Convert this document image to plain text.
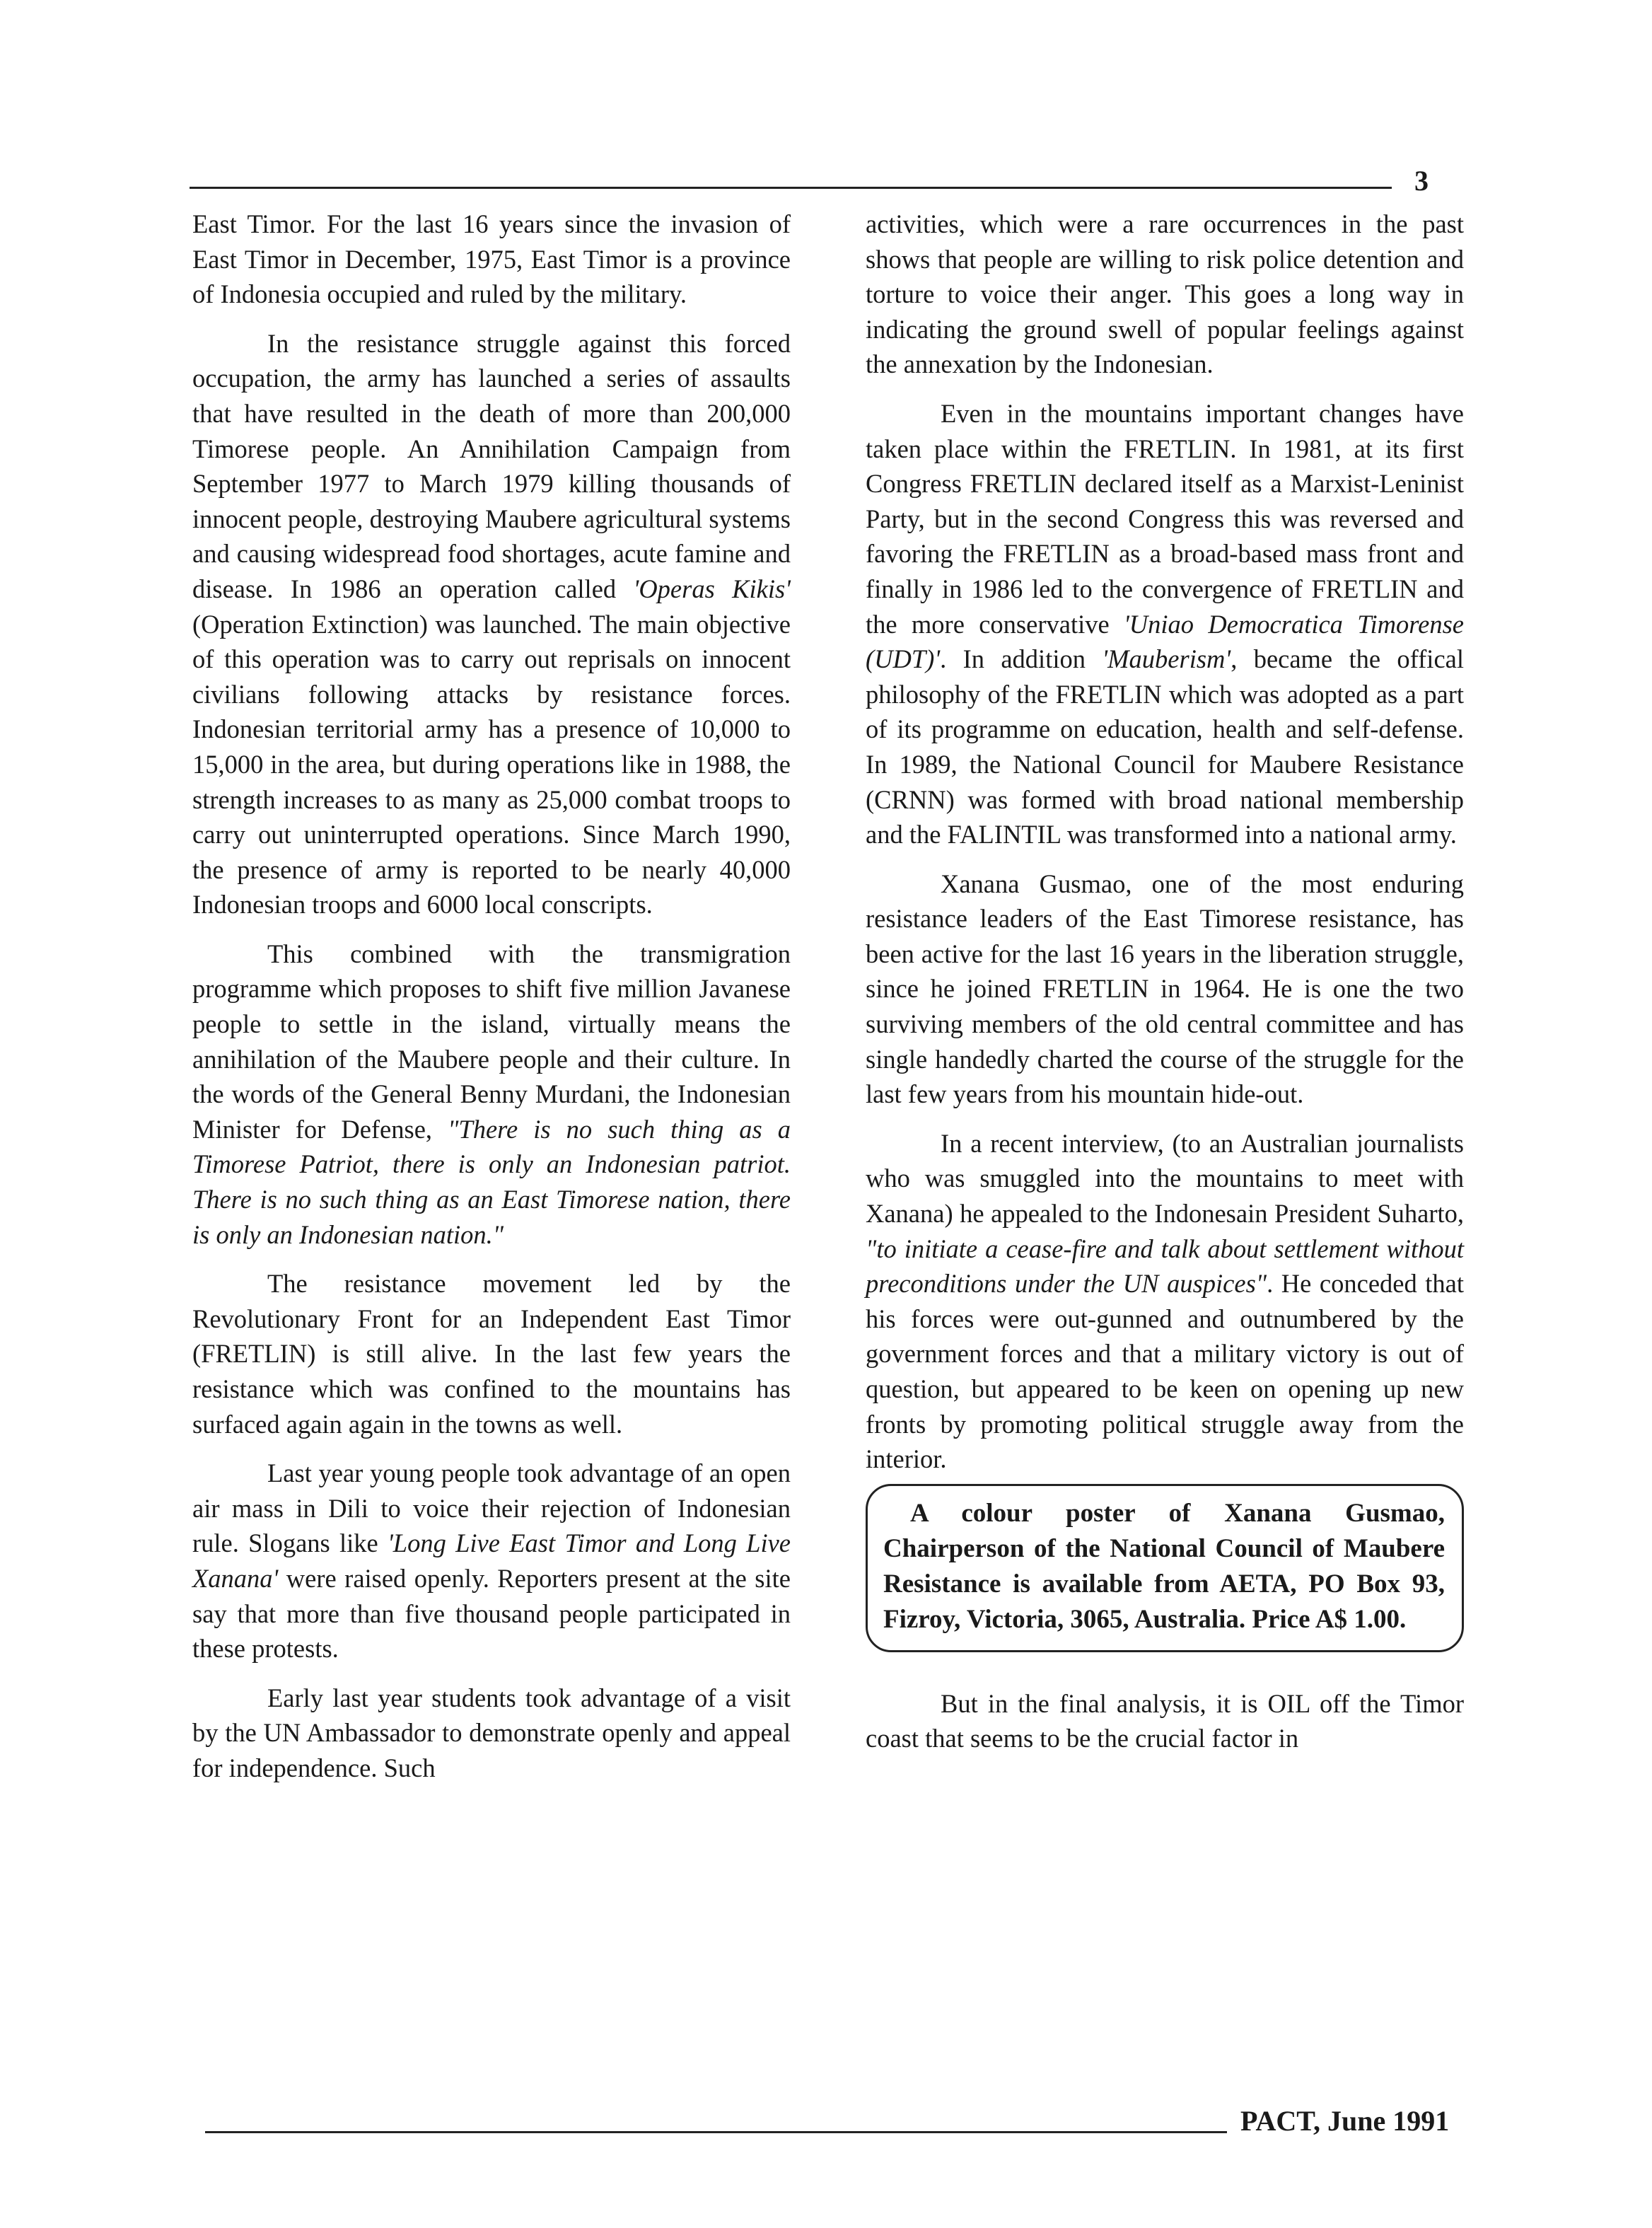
3

East Timor. For the last 16 years since the invasion of East Timor in December, 1975, East Timor is a province of Indonesia occupied and ruled by the military.

In the resistance struggle against this forced occupation, the army has launched a series of assaults that have resulted in the death of more than 200,000 Timorese people. An Annihilation Campaign from September 1977 to March 1979 killing thousands of innocent people, destroying Maubere agricultural systems and causing widespread food shortages, acute famine and disease. In 1986 an operation called 'Operas Kikis' (Operation Extinction) was launched. The main objective of this operation was to carry out reprisals on innocent civilians following attacks by resistance forces. Indonesian territorial army has a presence of 10,000 to 15,000 in the area, but during operations like in 1988, the strength increases to as many as 25,000 combat troops to carry out uninterrupted operations. Since March 1990, the presence of army is reported to be nearly 40,000 Indonesian troops and 6000 local conscripts.

This combined with the transmigration programme which proposes to shift five million Javanese people to settle in the island, virtually means the annihilation of the Maubere people and their culture. In the words of the General Benny Murdani, the Indonesian Minister for Defense, "There is no such thing as a Timorese Patriot, there is only an Indonesian patriot. There is no such thing as an East Timorese nation, there is only an Indonesian nation."

The resistance movement led by the Revolutionary Front for an Independent East Timor (FRETLIN) is still alive. In the last few years the resistance which was confined to the mountains has surfaced again again in the towns as well.

Last year young people took advantage of an open air mass in Dili to voice their rejection of Indonesian rule. Slogans like 'Long Live East Timor and Long Live Xanana' were raised openly. Reporters present at the site say that more than five thousand people participated in these protests.

Early last year students took advantage of a visit by the UN Ambassador to demonstrate openly and appeal for independence. Such

activities, which were a rare occurrences in the past shows that people are willing to risk police detention and torture to voice their anger. This goes a long way in indicating the ground swell of popular feelings against the annexation by the Indonesian.

Even in the mountains important changes have taken place within the FRETLIN. In 1981, at its first Congress FRETLIN declared itself as a Marxist-Leninist Party, but in the second Congress this was reversed and favoring the FRETLIN as a broad-based mass front and finally in 1986 led to the convergence of FRETLIN and the more conservative 'Uniao Democratica Timorense (UDT)'. In addition 'Mauberism', became the offical philosophy of the FRETLIN which was adopted as a part of its programme on education, health and self-defense. In 1989, the National Council for Maubere Resistance (CRNN) was formed with broad national membership and the FALINTIL was transformed into a national army.

Xanana Gusmao, one of the most enduring resistance leaders of the East Timorese resistance, has been active for the last 16 years in the liberation struggle, since he joined FRETLIN in 1964. He is one the two surviving members of the old central committee and has single handedly charted the course of the struggle for the last few years from his mountain hide-out.

In a recent interview, (to an Australian journalists who was smuggled into the mountains to meet with Xanana) he appealed to the Indonesain President Suharto, "to initiate a cease-fire and talk about settlement without preconditions under the UN auspices". He conceded that his forces were out-gunned and outnumbered by the government forces and that a military victory is out of question, but appeared to be keen on opening up new fronts by promoting political struggle away from the interior.

A colour poster of Xanana Gusmao, Chairperson of the National Council of Maubere Resistance is available from AETA, PO Box 93, Fizroy, Victoria, 3065, Australia. Price A$ 1.00.

But in the final analysis, it is OIL off the Timor coast that seems to be the crucial factor in

PACT, June 1991
